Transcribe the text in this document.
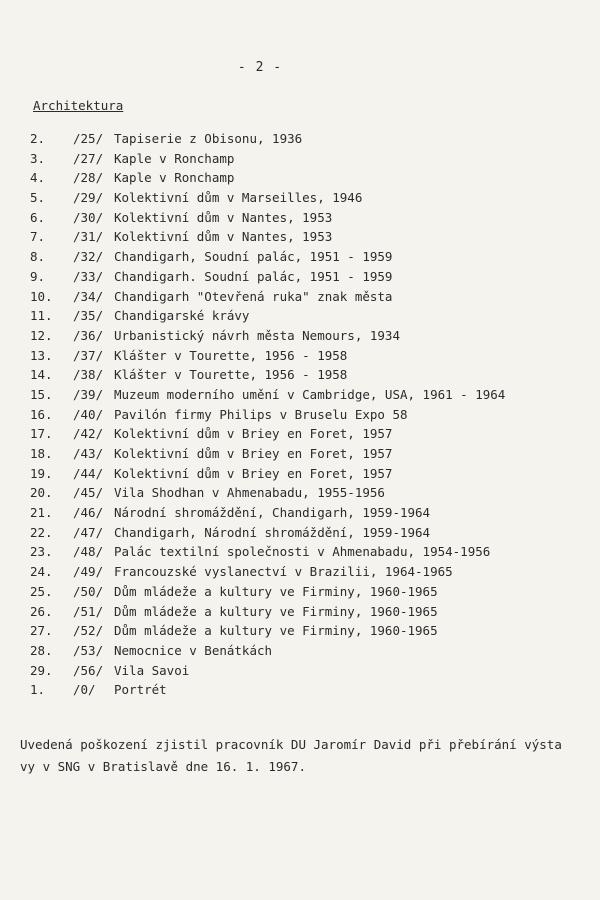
- 2 -
Architektura
2. /25/ Tapiserie z Obisonu, 1936
3. /27/ Kaple v Ronchamp
4. /28/ Kaple v Ronchamp
5. /29/ Kolektivní dům v Marseilles, 1946
6. /30/ Kolektivní dům v Nantes, 1953
7. /31/ Kolektivní dům v Nantes, 1953
8. /32/ Chandigarh, Soudní palác, 1951 - 1959
9. /33/ Chandigarh. Soudní palác, 1951 - 1959
10. /34/ Chandigarh "Otevřená ruka" znak města
11. /35/ Chandigarské krávy
12. /36/ Urbanistický návrh města Nemours, 1934
13. /37/ Klášter v Tourette, 1956 - 1958
14. /38/ Klášter v Tourette, 1956 - 1958
15. /39/ Muzeum moderního umění v Cambridge, USA, 1961 - 1964
16. /40/ Pavilón firmy Philips v Bruselu Expo 58
17. /42/ Kolektivní dům v Briey en Foret, 1957
18. /43/ Kolektivní dům v Briey en Foret, 1957
19. /44/ Kolektivní dům v Briey en Foret, 1957
20. /45/ Vila Shodhan v Ahmenabadu, 1955-1956
21. /46/ Národní shromáždění, Chandigarh, 1959-1964
22. /47/ Chandigarh, Národní shromáždění, 1959-1964
23. /48/ Palác textilní společnosti v Ahmenabadu, 1954-1956
24. /49/ Francouzské vyslanectví v Brazilii, 1964-1965
25. /50/ Dům mládeže a kultury ve Firminy, 1960-1965
26. /51/ Dům mládeže a kultury ve Firminy, 1960-1965
27. /52/ Dům mládeže a kultury ve Firminy, 1960-1965
28. /53/ Nemocnice v Benátkách
29. /56/ Vila Savoi
1. /0/ Portrét
Uvedená poškození zjistil pracovník DU Jaromír David při přebírání výsta
vy v SNG v Bratislavě dne 16. 1. 1967.
